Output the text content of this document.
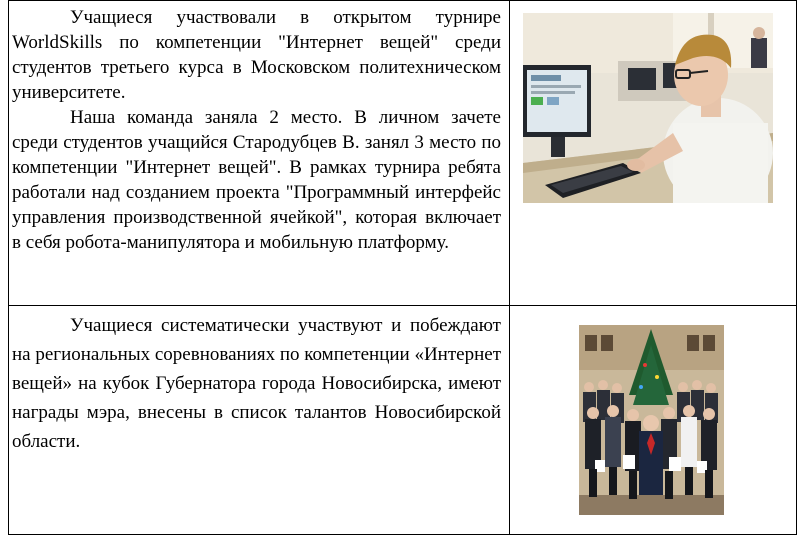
Учащиеся участвовали в открытом турнире WorldSkills по компетенции "Интернет вещей" среди студентов третьего курса в Московском политехническом университете.

Наша команда заняла 2 место. В личном зачете среди студентов учащийся Стародубцев В. занял 3 место по компетенции "Интернет вещей". В рамках турнира ребята работали над созданием проекта "Программный интерфейс управления производственной ячейкой", которая включает в себя робота-манипулятора и мобильную платформу.

Учащиеся систематически участвуют и побеждают на региональных соревнованиях по компетенции «Интернет вещей» на кубок Губернатора города Новосибирска, имеют награды мэра, внесены в список талантов Новосибирской области.
